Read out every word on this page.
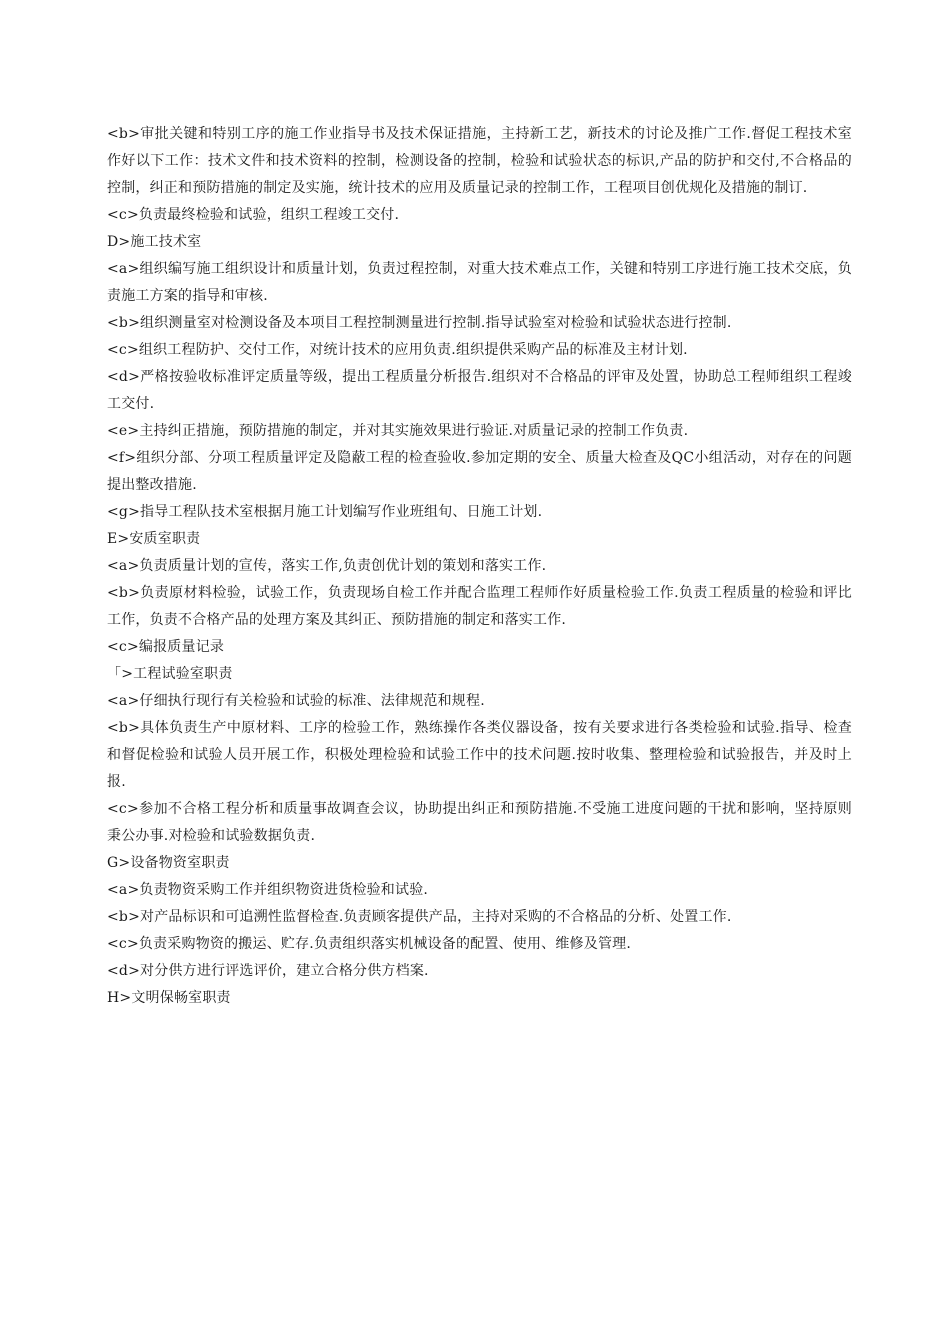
<b>审批关键和特别工序的施工作业指导书及技术保证措施，主持新工艺，新技术的讨论及推广工作.督促工程技术室作好以下工作：技术文件和技术资料的控制，检测设备的控制，检验和试验状态的标识,产品的防护和交付,不合格品的控制，纠正和预防措施的制定及实施，统计技术的应用及质量记录的控制工作，工程项目创优规化及措施的制订.

<c>负责最终检验和试验，组织工程竣工交付.

D>施工技术室

<a>组织编写施工组织设计和质量计划，负责过程控制，对重大技术难点工作，关键和特别工序进行施工技术交底，负责施工方案的指导和审核.

<b>组织测量室对检测设备及本项目工程控制测量进行控制.指导试验室对检验和试验状态进行控制.

<c>组织工程防护、交付工作，对统计技术的应用负责.组织提供采购产品的标准及主材计划.

<d>严格按验收标准评定质量等级，提出工程质量分析报告.组织对不合格品的评审及处置，协助总工程师组织工程竣工交付.

<e>主持纠正措施，预防措施的制定，并对其实施效果进行验证.对质量记录的控制工作负责.

<f>组织分部、分项工程质量评定及隐蔽工程的检查验收.参加定期的安全、质量大检查及QC小组活动，对存在的问题提出整改措施.

<g>指导工程队技术室根据月施工计划编写作业班组旬、日施工计划.

E>安质室职责

<a>负责质量计划的宣传，落实工作,负责创优计划的策划和落实工作.

<b>负责原材料检验，试验工作，负责现场自检工作并配合监理工程师作好质量检验工作.负责工程质量的检验和评比工作，负责不合格产品的处理方案及其纠正、预防措施的制定和落实工作.

<c>编报质量记录

「>工程试验室职责

<a>仔细执行现行有关检验和试验的标准、法律规范和规程.

<b>具体负责生产中原材料、工序的检验工作，熟练操作各类仪器设备，按有关要求进行各类检验和试验.指导、检查和督促检验和试验人员开展工作，积极处理检验和试验工作中的技术问题.按时收集、整理检验和试验报告，并及时上报.

<c>参加不合格工程分析和质量事故调查会议，协助提出纠正和预防措施.不受施工进度问题的干扰和影响，坚持原则秉公办事.对检验和试验数据负责.

G>设备物资室职责

<a>负责物资采购工作并组织物资进货检验和试验.

<b>对产品标识和可追溯性监督检查.负责顾客提供产品，主持对采购的不合格品的分析、处置工作.

<c>负责采购物资的搬运、贮存.负责组织落实机械设备的配置、使用、维修及管理.

<d>对分供方进行评选评价，建立合格分供方档案.

H>文明保畅室职责
